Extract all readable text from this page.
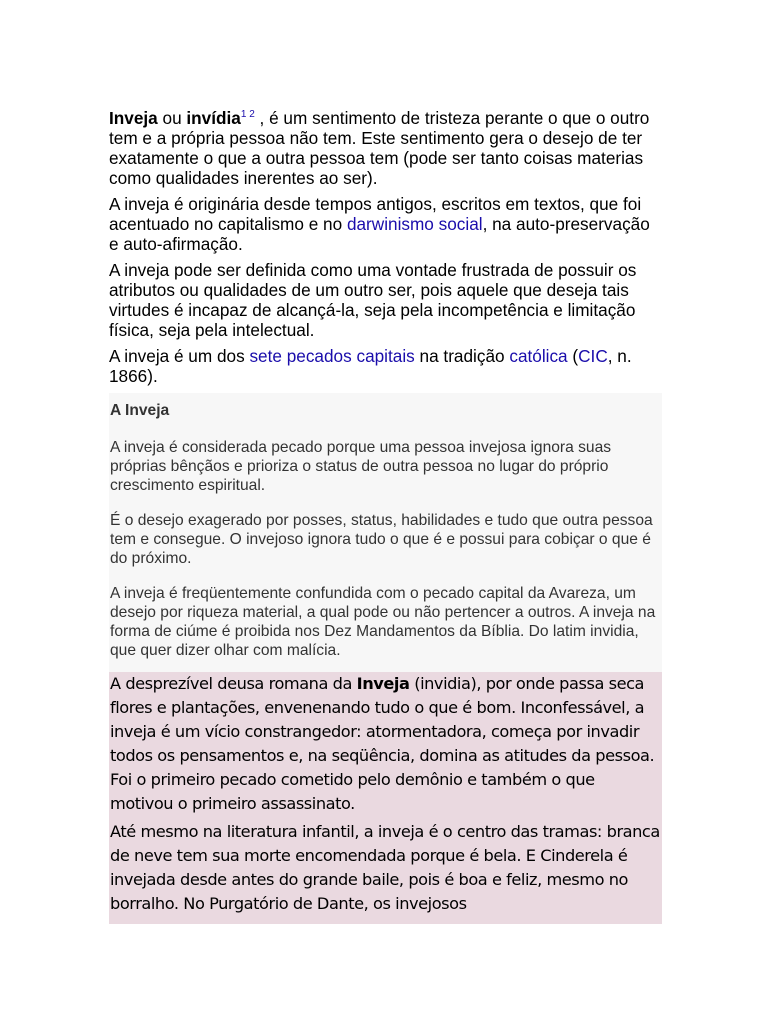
Inveja ou invídia$^{1 2}$ , é um sentimento de tristeza perante o que o outro tem e a própria pessoa não tem. Este sentimento gera o desejo de ter exatamente o que a outra pessoa tem (pode ser tanto coisas materias como qualidades inerentes ao ser).

A inveja é originária desde tempos antigos, escritos em textos, que foi acentuado no capitalismo e no darwinismo social, na auto-preservação e auto-afirmação.

A inveja pode ser definida como uma vontade frustrada de possuir os atributos ou qualidades de um outro ser, pois aquele que deseja tais virtudes é incapaz de alcançá-la, seja pela incompetência e limitação física, seja pela intelectual.

A inveja é um dos sete pecados capitais na tradição católica (CIC, n. 1866).

A Inveja

A inveja é considerada pecado porque uma pessoa invejosa ignora suas próprias bênçãos e prioriza o status de outra pessoa no lugar do próprio crescimento espiritual.

É o desejo exagerado por posses, status, habilidades e tudo que outra pessoa tem e consegue. O invejoso ignora tudo o que é e possui para cobiçar o que é do próximo.

A inveja é freqüentemente confundida com o pecado capital da Avareza, um desejo por riqueza material, a qual pode ou não pertencer a outros. A inveja na forma de ciúme é proibida nos Dez Mandamentos da Bíblia. Do latim invidia, que quer dizer olhar com malícia.

A desprezível deusa romana da Inveja (invidia), por onde passa seca flores e plantações, envenenando tudo o que é bom. Inconfessável, a inveja é um vício constrangedor: atormentadora, começa por invadir todos os pensamentos e, na seqüência, domina as atitudes da pessoa. Foi o primeiro pecado cometido pelo demônio e também o que motivou o primeiro assassinato.

Até mesmo na literatura infantil, a inveja é o centro das tramas: branca de neve tem sua morte encomendada porque é bela. E Cinderela é invejada desde antes do grande baile, pois é boa e feliz, mesmo no borralho. No Purgatório de Dante, os invejosos
